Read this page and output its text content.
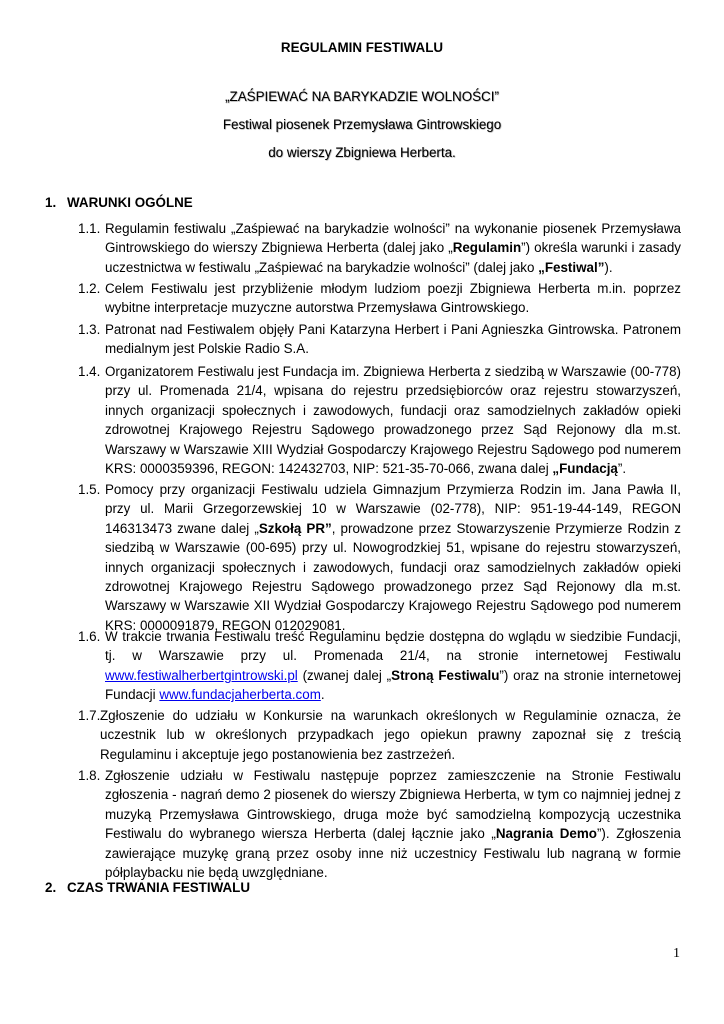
REGULAMIN FESTIWALU
„ZAŚPIEWAĆ NA BARYKADZIE WOLNOŚCI”
Festiwal piosenek Przemysława Gintrowskiego
do wierszy Zbigniewa Herberta.
1. WARUNKI OGÓLNE
1.1. Regulamin festiwalu „Zaśpiewać na barykadzie wolności” na wykonanie piosenek Przemysława
Gintrowskiego do wierszy Zbigniewa Herberta (dalej jako „Regulamin”) określa warunki i zasady
uczestnictwa w festiwalu „Zaśpiewać na barykadzie wolności” (dalej jako „Festiwal”).
1.2. Celem Festiwalu jest przybliżenie młodym ludziom poezji Zbigniewa Herberta m.in. poprzez
wybitne interpretacje muzyczne autorstwa Przemysława Gintrowskiego.
1.3. Patronat nad Festiwalem objęły Pani Katarzyna Herbert i Pani Agnieszka Gintrowska. Patronem
medialnym jest Polskie Radio S.A.
1.4. Organizatorem Festiwalu jest Fundacja im. Zbigniewa Herberta z siedzibą w Warszawie (00-778)
przy ul. Promenada 21/4, wpisana do rejestru przedsiębiorców oraz rejestru stowarzyszeń,
innych organizacji społecznych i zawodowych, fundacji oraz samodzielnych zakładów opieki
zdrowotnej Krajowego Rejestru Sądowego prowadzonego przez Sąd Rejonowy dla m.st.
Warszawy w Warszawie XIII Wydział Gospodarczy Krajowego Rejestru Sądowego pod numerem
KRS: 0000359396, REGON: 142432703, NIP: 521-35-70-066, zwana dalej „Fundacją”.
1.5. Pomocy przy organizacji Festiwalu udziela Gimnazjum Przymierza Rodzin im. Jana Pawła II,
przy ul. Marii Grzegorzewskiej 10 w Warszawie (02-778), NIP: 951-19-44-149, REGON
146313473 zwane dalej „Szkołą PR”, prowadzone przez Stowarzyszenie Przymierze Rodzin z
siedzibą w Warszawie (00-695) przy ul. Nowogrodzkiej 51, wpisane do rejestru stowarzyszeń,
innych organizacji społecznych i zawodowych, fundacji oraz samodzielnych zakładów opieki
zdrowotnej Krajowego Rejestru Sądowego prowadzonego przez Sąd Rejonowy dla m.st.
Warszawy w Warszawie XII Wydział Gospodarczy Krajowego Rejestru Sądowego pod numerem
KRS: 0000091879, REGON 012029081.
1.6. W trakcie trwania Festiwalu treść Regulaminu będzie dostępna do wglądu w siedzibie Fundacji,
tj. w Warszawie przy ul. Promenada 21/4, na stronie internetowej Festiwalu
www.festiwalherbertgintrowski.pl (zwanej dalej „Stroną Festiwalu”) oraz na stronie internetowej
Fundacji www.fundacjaherberta.com.
1.7. Zgłoszenie do udziału w Konkursie na warunkach określonych w Regulaminie oznacza, że
uczestnik lub w określonych przypadkach jego opiekun prawny zapoznał się z treścią
Regulaminu i akceptuje jego postanowienia bez zastrzeżeń.
1.8. Zgłoszenie udziału w Festiwalu następuje poprzez zamieszczenie na Stronie Festiwalu
zgłoszenia - nagrań demo 2 piosenek do wierszy Zbigniewa Herberta, w tym co najmniej jednej z
muzyką Przemysława Gintrowskiego, druga może być samodzielną kompozycją uczestnika
Festiwalu do wybranego wiersza Herberta (dalej łącznie jako „Nagrania Demo”). Zgłoszenia
zawierające muzykę graną przez osoby inne niż uczestnicy Festiwalu lub nagraną w formie
półplaybacku nie będą uwzględniane.
2. CZAS TRWANIA FESTIWALU
1
